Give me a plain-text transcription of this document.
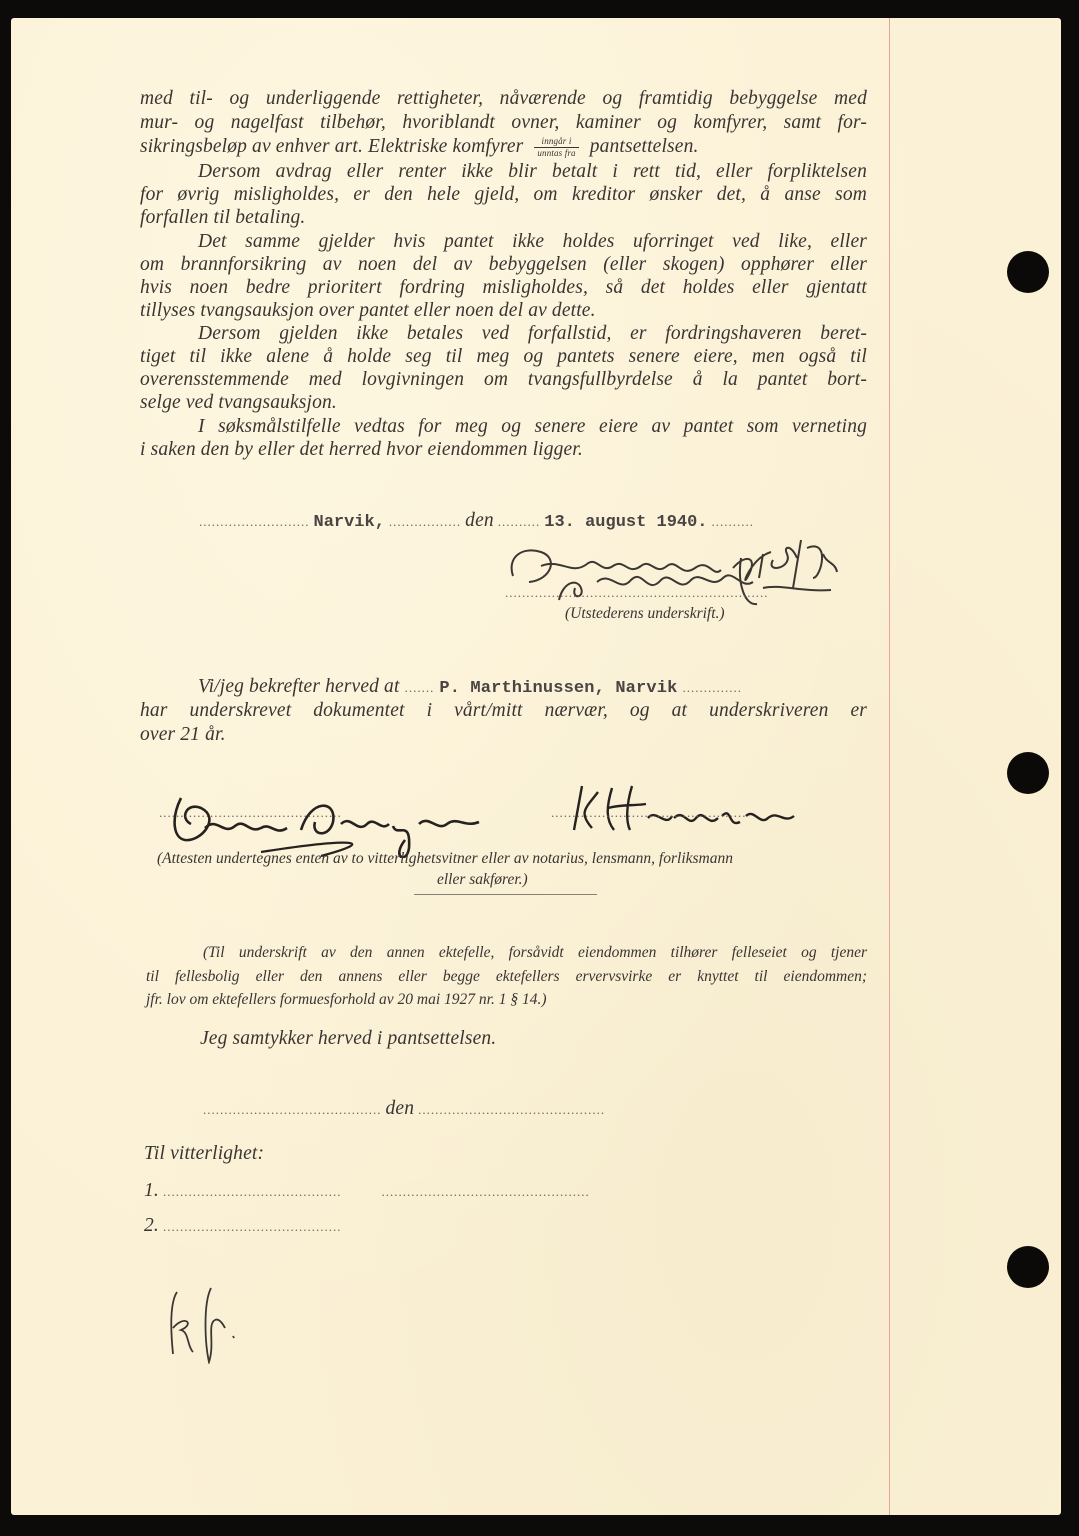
med til- og underliggende rettigheter, nåværende og framtidig bebyggelse med
mur- og nagelfast tilbehør, hvoriblandt ovner, kaminer og komfyrer, samt for-
sikringsbeløp av enhver art. Elektriske komfyrer $\frac{\text{inngår i}}{\text{unntas fra}}$ pantsettelsen.
Dersom avdrag eller renter ikke blir betalt i rett tid, eller forpliktelsen
for øvrig misligholdes, er den hele gjeld, om kreditor ønsker det, å anse som
forfallen til betaling.
Det samme gjelder hvis pantet ikke holdes uforringet ved like, eller
om brannforsikring av noen del av bebyggelsen (eller skogen) opphører eller
hvis noen bedre prioritert fordring misligholdes, så det holdes eller gjentatt
tillyses tvangsauksjon over pantet eller noen del av dette.
Dersom gjelden ikke betales ved forfallstid, er fordringshaveren beret-
tiget til ikke alene å holde seg til meg og pantets senere eiere, men også til
overensstemmende med lovgivningen om tvangsfullbyrdelse å la pantet bort-
selge ved tvangsauksjon.
I søksmålstilfelle vedtas for meg og senere eiere av pantet som verneting
i saken den by eller det herred hvor eiendommen ligger.
.......................... Narvik, ................. den .......... 13. august 1940. ..........
..............................................................
(Utstederens underskrift.)
Vi/jeg bekrefter herved at ....... P. Marthinussen, Narvik ..............
har underskrevet dokumentet i vårt/mitt nærvær, og at underskriveren er
over 21 år.
...........................................	..............................................
(Attesten undertegnes enten av to vitterlighetsvitner eller av notarius, lensmann, forliksmann
eller sakfører.)
(Til underskrift av den annen ektefelle, forsåvidt eiendommen tilhører felleseiet og tjener
til fellesbolig eller den annens eller begge ektefellers ervervsvirke er knyttet til eiendommen;
jfr. lov om ektefellers formuesforhold av 20 mai 1927 nr. 1 § 14.)
Jeg samtykker herved i pantsettelsen.
.......................................... den ............................................
Til vitterlighet:
1. ..........................................	.................................................
2. ..........................................
